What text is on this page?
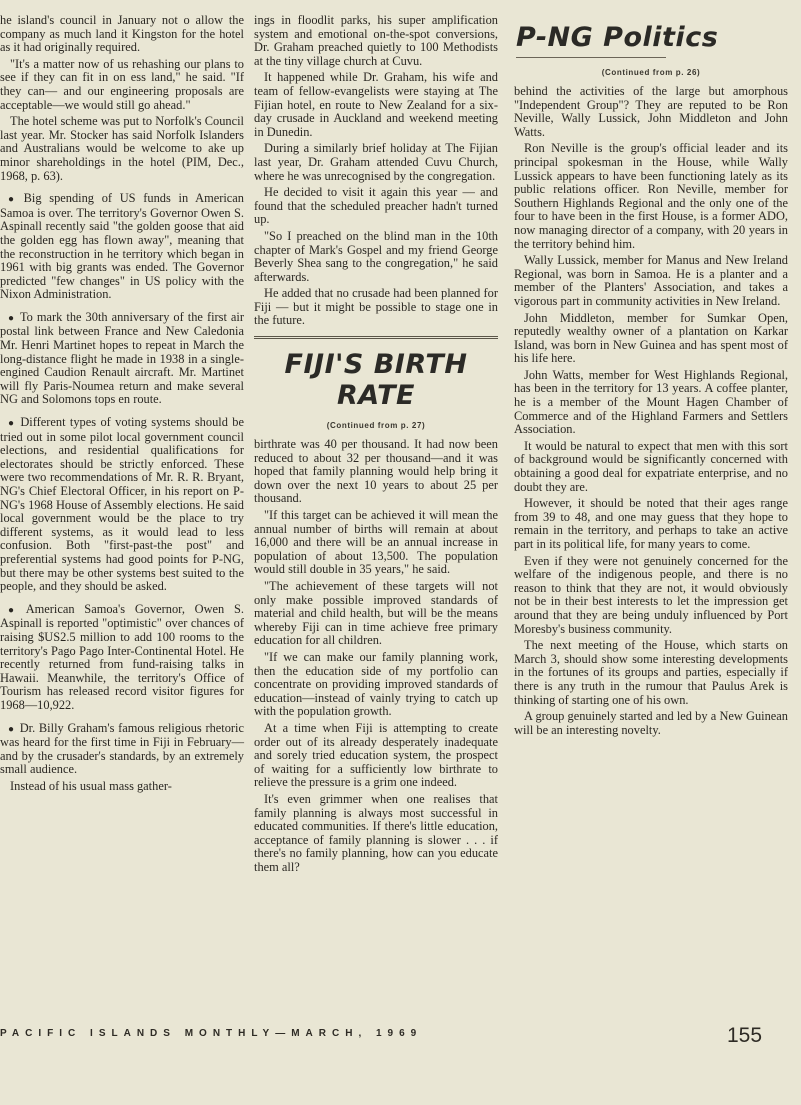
he island's council in January not o allow the company as much land it Kingston for the hotel as it had originally required.

"It's a matter now of us rehashing our plans to see if they can fit in on ess land," he said. "If they can— and our engineering proposals are acceptable—we would still go ahead."

The hotel scheme was put to Norfolk's Council last year. Mr. Stocker has said Norfolk Islanders and Australians would be welcome to ake up minor shareholdings in the hotel (PIM, Dec., 1968, p. 63).

● Big spending of US funds in American Samoa is over. The territory's Governor Owen S. Aspinall recently said "the golden goose that aid the golden egg has flown away", meaning that the reconstruction in he territory which began in 1961 with big grants was ended. The Governor predicted "few changes" in US policy with the Nixon Administration.

● To mark the 30th anniversary of the first air postal link between France and New Caledonia Mr. Henri Martinet hopes to repeat in March the long-distance flight he made in 1938 in a single-engined Caudion Renault aircraft. Mr. Martinet will fly Paris-Noumea return and make several NG and Solomons tops en route.

● Different types of voting systems should be tried out in some pilot local government council elections, and residential qualifications for electorates should be strictly enforced. These were two recommendations of Mr. R. R. Bryant, NG's Chief Electoral Officer, in his report on P-NG's 1968 House of Assembly elections. He said local government would be the place to try different systems, as it would lead to less confusion. Both "first-past-the post" and preferential systems had good points for P-NG, but there may be other systems best suited to the people, and they should be asked.

● American Samoa's Governor, Owen S. Aspinall is reported "optimistic" over chances of raising $US2.5 million to add 100 rooms to the territory's Pago Pago Inter-Continental Hotel. He recently returned from fund-raising talks in Hawaii. Meanwhile, the territory's Office of Tourism has released record visitor figures for 1968—10,922.

● Dr. Billy Graham's famous religious rhetoric was heard for the first time in Fiji in February—and by the crusader's standards, by an extremely small audience.

Instead of his usual mass gather-

ings in floodlit parks, his super amplification system and emotional on-the-spot conversions, Dr. Graham preached quietly to 100 Methodists at the tiny village church at Cuvu.

It happened while Dr. Graham, his wife and team of fellow-evangelists were staying at The Fijian hotel, en route to New Zealand for a six-day crusade in Auckland and weekend meeting in Dunedin.

During a similarly brief holiday at The Fijian last year, Dr. Graham attended Cuvu Church, where he was unrecognised by the congregation.

He decided to visit it again this year — and found that the scheduled preacher hadn't turned up.

"So I preached on the blind man in the 10th chapter of Mark's Gospel and my friend George Beverly Shea sang to the congregation," he said afterwards.

He added that no crusade had been planned for Fiji — but it might be possible to stage one in the future.

FIJI'S BIRTH RATE
(Continued from p. 27)

birthrate was 40 per thousand. It had now been reduced to about 32 per thousand—and it was hoped that family planning would help bring it down over the next 10 years to about 25 per thousand.

"If this target can be achieved it will mean the annual number of births will remain at about 16,000 and there will be an annual increase in population of about 13,500. The population would still double in 35 years," he said.

"The achievement of these targets will not only make possible improved standards of material and child health, but will be the means whereby Fiji can in time achieve free primary education for all children.

"If we can make our family planning work, then the education side of my portfolio can concentrate on providing improved standards of education—instead of vainly trying to catch up with the population growth.

At a time when Fiji is attempting to create order out of its already desperately inadequate and sorely tried education system, the prospect of waiting for a sufficiently low birthrate to relieve the pressure is a grim one indeed.

It's even grimmer when one realises that family planning is always most successful in educated communities. If there's little education, acceptance of family planning is slower . . . if there's no family planning, how can you educate them all?

P-NG Politics
(Continued from p. 26)

behind the activities of the large but amorphous "Independent Group"? They are reputed to be Ron Neville, Wally Lussick, John Middleton and John Watts.

Ron Neville is the group's official leader and its principal spokesman in the House, while Wally Lussick appears to have been functioning lately as its public relations officer. Ron Neville, member for Southern Highlands Regional and the only one of the four to have been in the first House, is a former ADO, now managing director of a company, with 20 years in the territory behind him.

Wally Lussick, member for Manus and New Ireland Regional, was born in Samoa. He is a planter and a member of the Planters' Association, and takes a vigorous part in community activities in New Ireland.

John Middleton, member for Sumkar Open, reputedly wealthy owner of a plantation on Karkar Island, was born in New Guinea and has spent most of his life here.

John Watts, member for West Highlands Regional, has been in the territory for 13 years. A coffee planter, he is a member of the Mount Hagen Chamber of Commerce and of the Highland Farmers and Settlers Association.

It would be natural to expect that men with this sort of background would be significantly concerned with obtaining a good deal for expatriate enterprise, and no doubt they are.

However, it should be noted that their ages range from 39 to 48, and one may guess that they hope to remain in the territory, and perhaps to take an active part in its political life, for many years to come.

Even if they were not genuinely concerned for the welfare of the indigenous people, and there is no reason to think that they are not, it would obviously not be in their best interests to let the impression get around that they are being unduly influenced by Port Moresby's business community.

The next meeting of the House, which starts on March 3, should show some interesting developments in the fortunes of its groups and parties, especially if there is any truth in the rumour that Paulus Arek is thinking of starting one of his own.

A group genuinely started and led by a New Guinean will be an interesting novelty.

PACIFIC ISLANDS MONTHLY—MARCH, 1969	155
